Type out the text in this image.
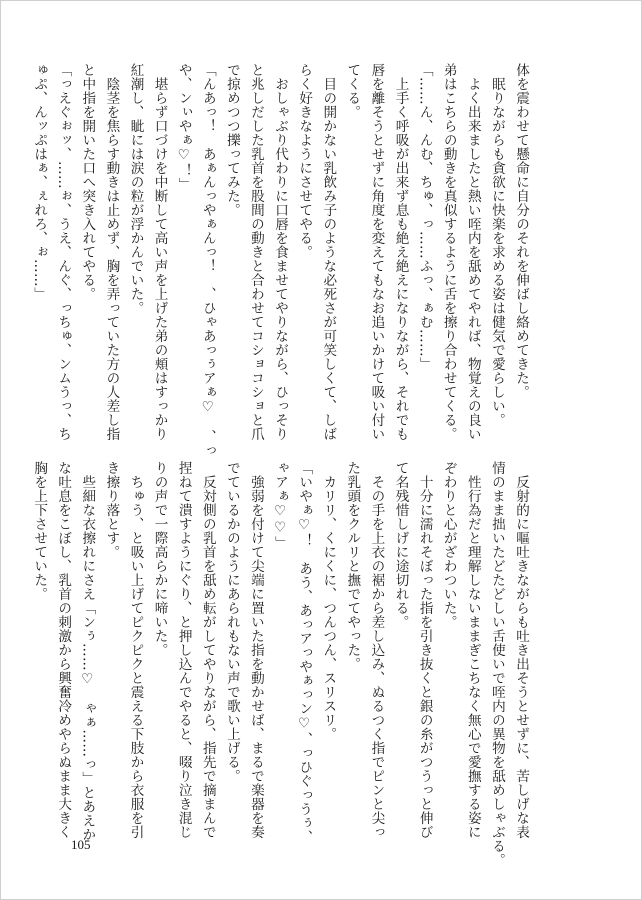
体を震わせて懸命に自分のそれを伸ばし絡めてきた。

　眠りながらも貪欲に快楽を求める姿は健気で愛らしい。

　よく出来ましたと熱い咥内を舐めてやれば、物覚えの良い

弟はこちらの動きを真似するように舌を擦り合わせてくる。

「……ん、んむ、ちゅ、っ……ふっ、ぁむ……」

　上手く呼吸が出来ず息も絶え絶えになりながら、それでも

唇を離そうとせずに角度を変えてもなお追いかけて吸い付い

てくる。

　目の開かない乳飲み子のような必死さが可笑しくて、しば

らく好きなようにさせてやる。

　おしゃぶり代わりに口唇を食ませてやりながら、ひっそり

と兆しだした乳首を股間の動きと合わせてコショコショと爪

で掠めつつ擽ってみた。

「んあっ！　あぁんっやぁんっ！　、ひゃあっぅアぁ♡　、っ

や、ンぃやぁ♡！」

　堪らず口づけを中断して高い声を上げた弟の頬はすっかり

紅潮し、眦には涙の粒が浮かんでいた。

　陰茎を焦らす動きは止めず、胸を弄っていた方の人差し指

と中指を開いた口へ突き入れてやる。

「っえぐぉッ、……ぉ、うえ、んぐ、っちゅ、ンムうっ、ち

ゅぷ、んッぷはぁ、ぇれろ、ぉ……」

　反射的に嘔吐きながらも吐き出そうとせずに、苦しげな表

情のまま拙いたどたどしい舌使いで咥内の異物を舐めしゃぶる。

　性行為だと理解しないままぎこちなく無心で愛撫する姿に

ぞわりと心がざわついた。

　十分に濡れそぼった指を引き抜くと銀の糸がつうっと伸び

て名残惜しげに途切れる。

　その手を上衣の裾から差し込み、ぬるつく指でピンと尖っ

た乳頭をクルリと撫でてやった。

　カリリ、くにくに、つんつん、スリスリ。

「いやぁ♡！　あう、あっアっやぁっン♡、っひぐっうぅ、

ゃアぁ♡♡」

　強弱を付けて尖端に置いた指を動かせば、まるで楽器を奏

でているかのようにあられもない声で歌い上げる。

　反対側の乳首を舐め転がしてやりながら、指先で摘まんで

捏ねて潰すようにぐり、と押し込んでやると、啜り泣き混じ

りの声で一際高らかに啼いた。

　ちゅう、と吸い上げてピクピクと震える下肢から衣服を引

き擦り落とす。

　些細な衣擦れにさえ「ンぅ……♡　ゃぁ……っ」とあえか

な吐息をこぼし、乳首の刺激から興奮冷めやらぬまま大きく

胸を上下させていた。

105
